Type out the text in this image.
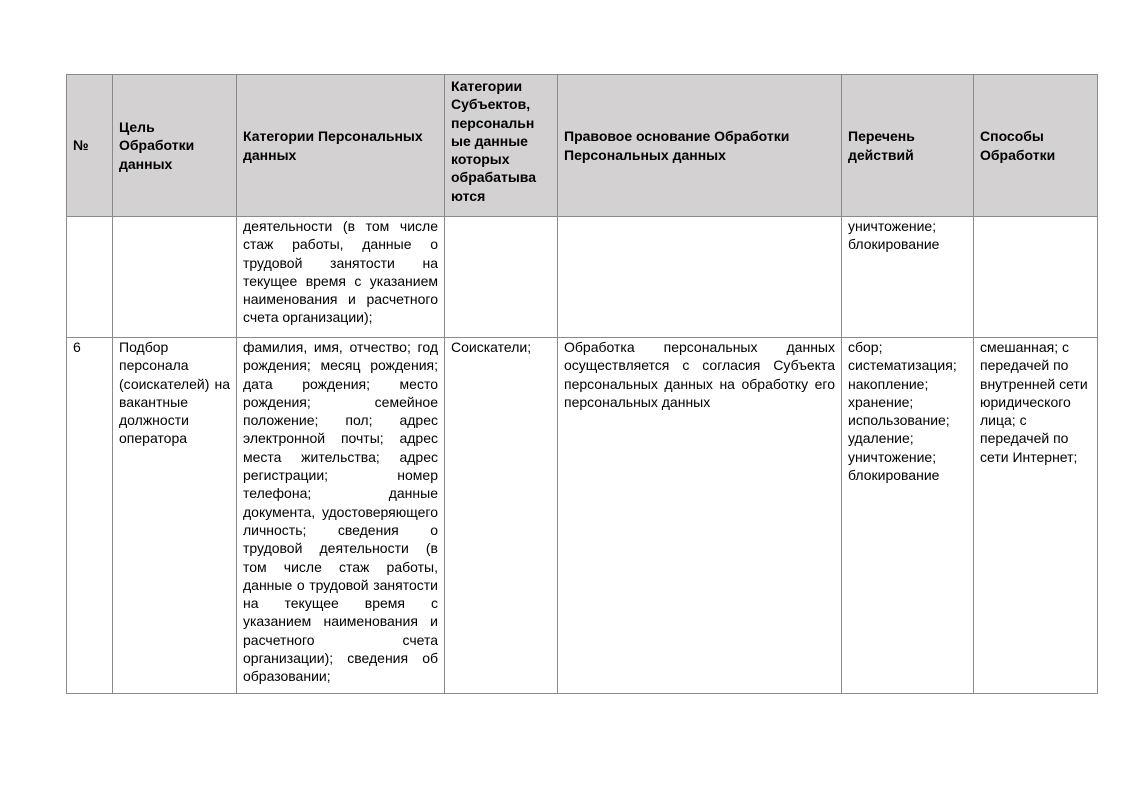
№	Цель Обработки данных	Категории Персональных данных	Категории Субъектов, персональн ые данные которых обрабатыва ются	Правовое основание Обработки Персональных данных	Перечень действий	Способы Обработки
		деятельности (в том числе стаж работы, данные о трудовой занятости на текущее время с указанием наименования и расчетного счета организации);			уничтожение; блокирование	
6	Подбор персонала (соискателей) на вакантные должности оператора	фамилия, имя, отчество; год рождения; месяц рождения; дата рождения; место рождения; семейное положение; пол; адрес электронной почты; адрес места жительства; адрес регистрации; номер телефона; данные документа, удостоверяющего личность; сведения о трудовой деятельности (в том числе стаж работы, данные о трудовой занятости на текущее время с указанием наименования и расчетного счета организации); сведения об образовании;	Соискатели;	Обработка персональных данных осуществляется с согласия Субъекта персональных данных на обработку его персональных данных	сбор; систематизация; накопление; хранение; использование; удаление; уничтожение; блокирование	смешанная; с передачей по внутренней сети юридического лица; с передачей по сети Интернет;
